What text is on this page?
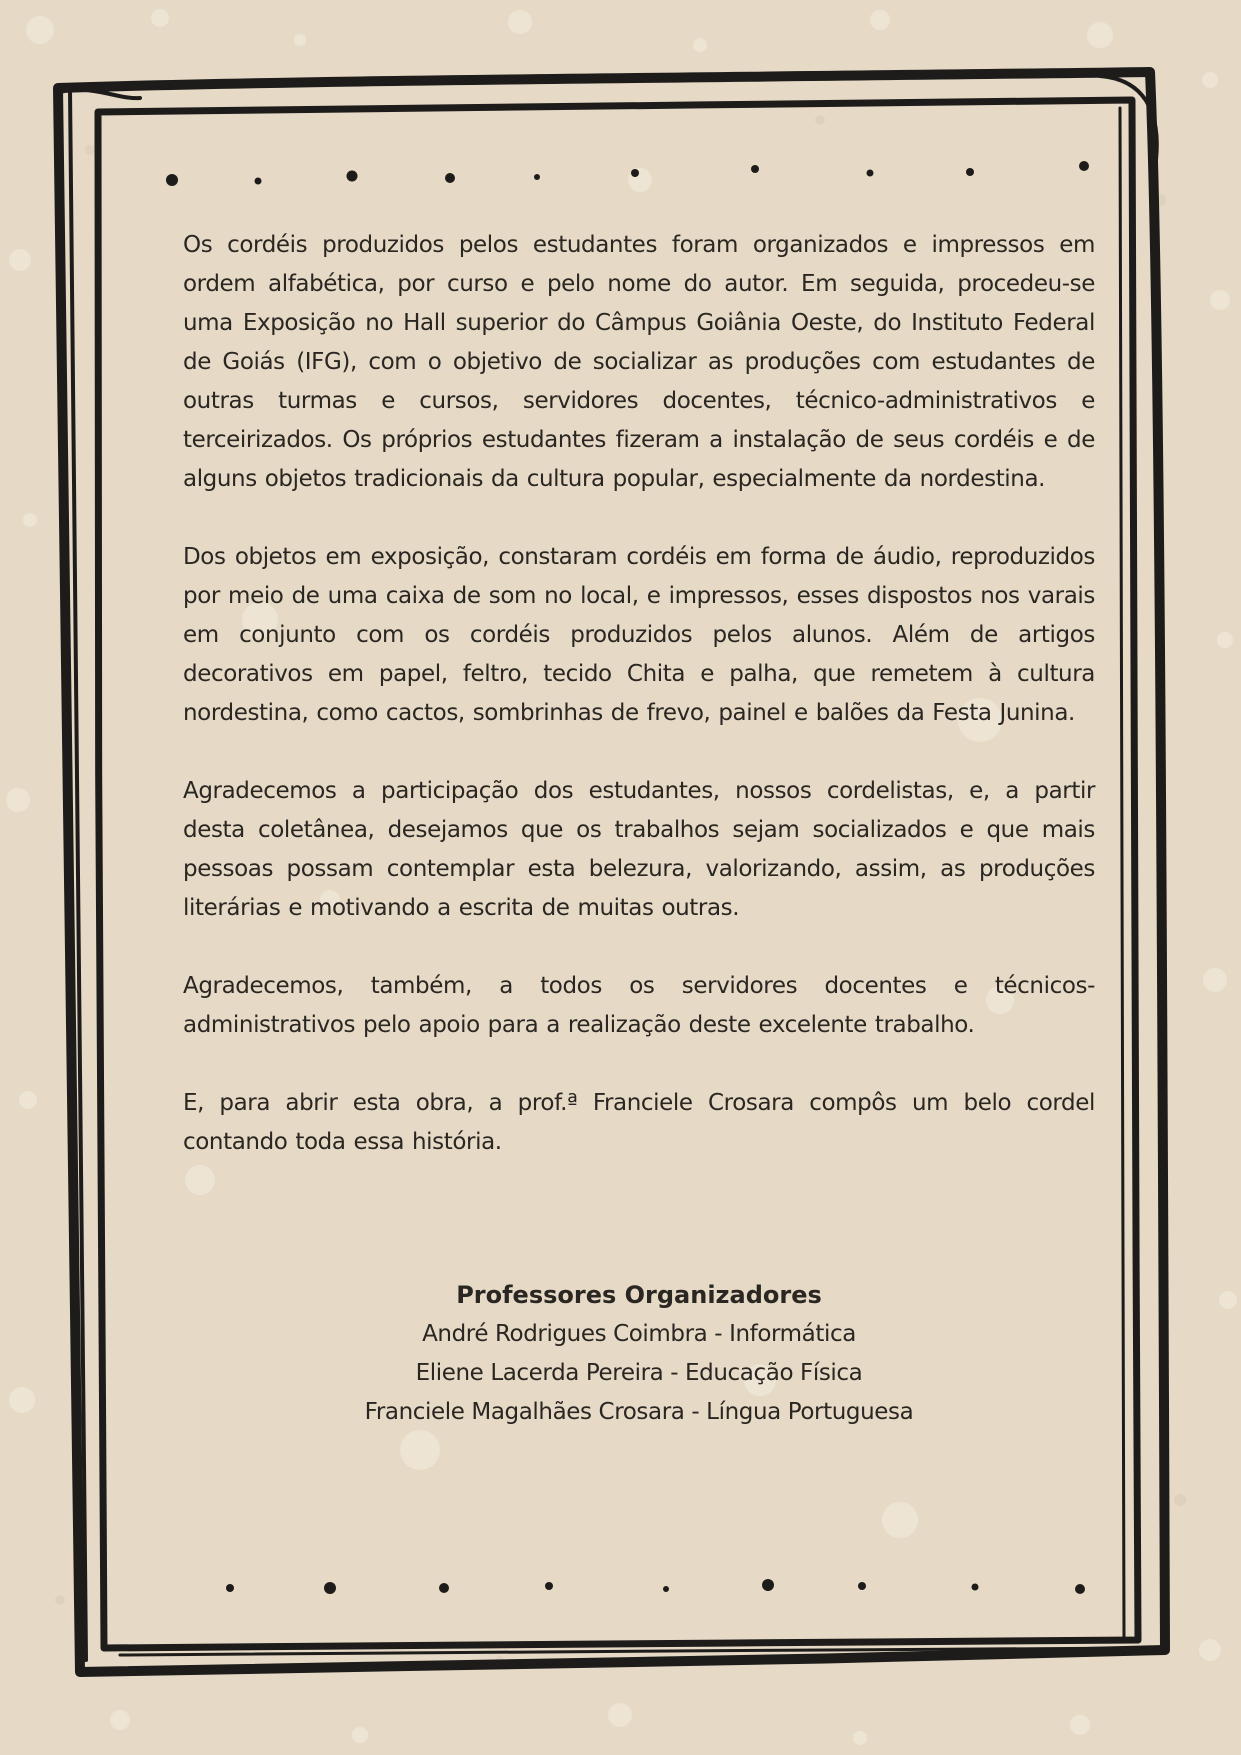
Os cordéis produzidos pelos estudantes foram organizados e impressos em ordem alfabética, por curso e pelo nome do autor. Em seguida, procedeu-se uma Exposição no Hall superior do Câmpus Goiânia Oeste, do Instituto Federal de Goiás (IFG), com o objetivo de socializar as produções com estudantes de outras turmas e cursos, servidores docentes, técnico-administrativos e terceirizados. Os próprios estudantes fizeram a instalação de seus cordéis e de alguns objetos tradicionais da cultura popular, especialmente da nordestina.

Dos objetos em exposição, constaram cordéis em forma de áudio, reproduzidos por meio de uma caixa de som no local, e impressos, esses dispostos nos varais em conjunto com os cordéis produzidos pelos alunos. Além de artigos decorativos em papel, feltro, tecido Chita e palha, que remetem à cultura nordestina, como cactos, sombrinhas de frevo, painel e balões da Festa Junina.

Agradecemos a participação dos estudantes, nossos cordelistas, e, a partir desta coletânea, desejamos que os trabalhos sejam socializados e que mais pessoas possam contemplar esta belezura, valorizando, assim, as produções literárias e motivando a escrita de muitas outras.

Agradecemos, também, a todos os servidores docentes e técnicos-administrativos pelo apoio para a realização deste excelente trabalho.

E, para abrir esta obra, a prof.ª Franciele Crosara compôs um belo cordel contando toda essa história.

Professores Organizadores

André Rodrigues Coimbra - Informática

Eliene Lacerda Pereira - Educação Física

Franciele Magalhães Crosara - Língua Portuguesa
